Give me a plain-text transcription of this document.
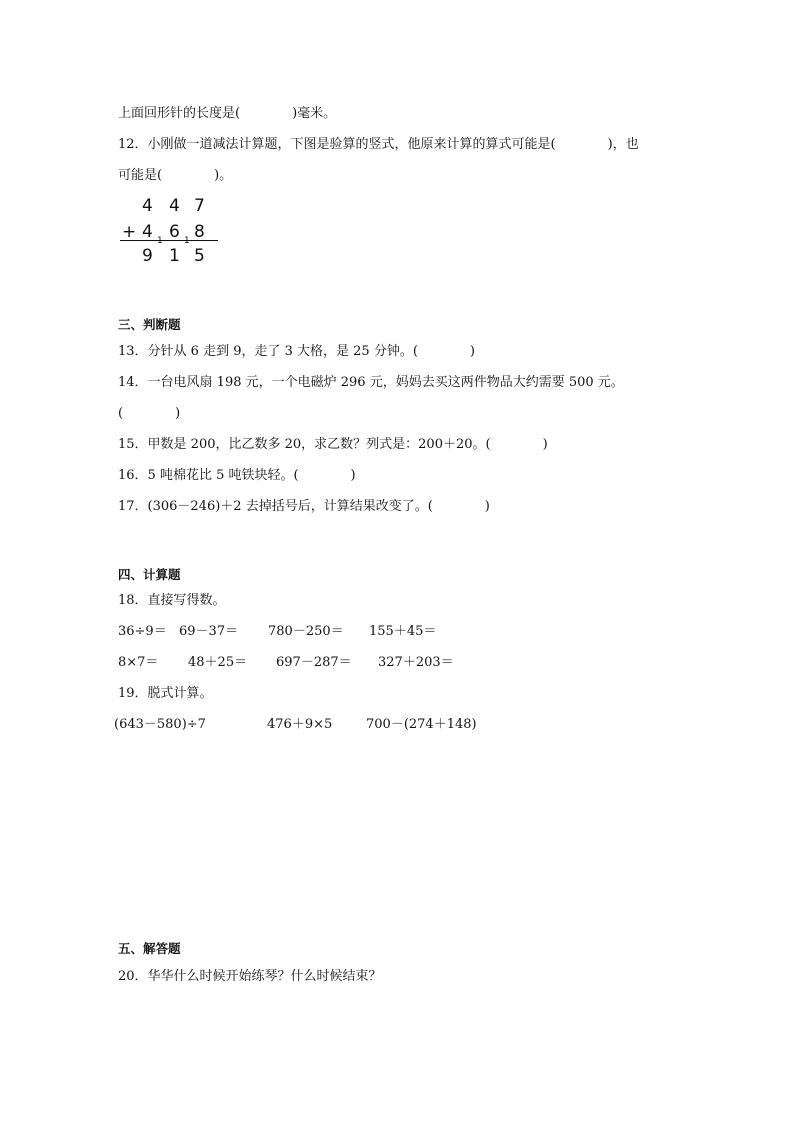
上面回形针的长度是(　　　　)毫米。
12．小刚做一道减法计算题，下图是验算的竖式，他原来计算的算式可能是(　　　　)，也
可能是(　　　　)。
4 4 7
+ 4 6 8
1 1
9 1 5
三、判断题
13．分针从 6 走到 9，走了 3 大格，是 25 分钟。(　　　　)
14．一台电风扇 198 元，一个电磁炉 296 元，妈妈去买这两件物品大约需要 500 元。
(　　　　)
15．甲数是 200，比乙数多 20，求乙数？列式是：200＋20。(　　　　)
16．5 吨棉花比 5 吨铁块轻。(　　　　)
17．(306－246)＋2 去掉括号后，计算结果改变了。(　　　　)
四、计算题
18．直接写得数。
36÷9＝ 69－37＝ 780－250＝ 155＋45＝
8×7＝ 48＋25＝ 697－287＝ 327＋203＝
19．脱式计算。
(643－580)÷7	476＋9×5	700－(274＋148)
五、解答题
20．华华什么时候开始练琴？什么时候结束？
